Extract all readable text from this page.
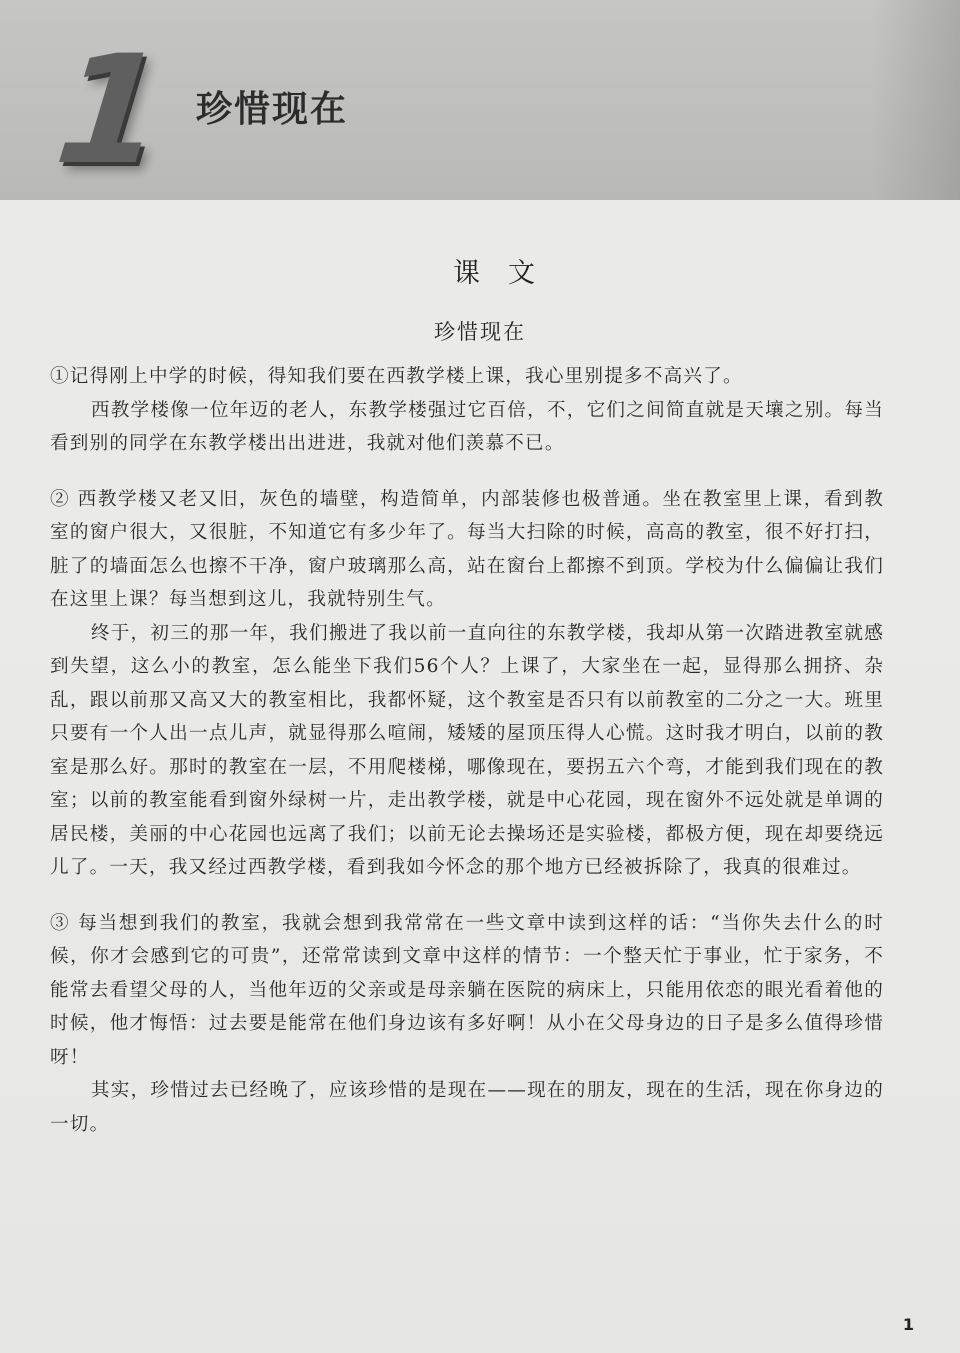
1 珍惜现在
课文
珍惜现在

①记得刚上中学的时候，得知我们要在西教学楼上课，我心里别提多不高兴了。

西教学楼像一位年迈的老人，东教学楼强过它百倍，不，它们之间简直就是天壤之别。每当看到别的同学在东教学楼出出进进，我就对他们羡慕不已。

② 西教学楼又老又旧，灰色的墙壁，构造简单，内部装修也极普通。坐在教室里上课，看到教室的窗户很大，又很脏，不知道它有多少年了。每当大扫除的时候，高高的教室，很不好打扫，脏了的墙面怎么也擦不干净，窗户玻璃那么高，站在窗台上都擦不到顶。学校为什么偏偏让我们在这里上课？每当想到这儿，我就特别生气。

终于，初三的那一年，我们搬进了我以前一直向往的东教学楼，我却从第一次踏进教室就感到失望，这么小的教室，怎么能坐下我们56个人？上课了，大家坐在一起，显得那么拥挤、杂乱，跟以前那又高又大的教室相比，我都怀疑，这个教室是否只有以前教室的二分之一大。班里只要有一个人出一点儿声，就显得那么喧闹，矮矮的屋顶压得人心慌。这时我才明白，以前的教室是那么好。那时的教室在一层，不用爬楼梯，哪像现在，要拐五六个弯，才能到我们现在的教室；以前的教室能看到窗外绿树一片，走出教学楼，就是中心花园，现在窗外不远处就是单调的居民楼，美丽的中心花园也远离了我们；以前无论去操场还是实验楼，都极方便，现在却要绕远儿了。一天，我又经过西教学楼，看到我如今怀念的那个地方已经被拆除了，我真的很难过。

③ 每当想到我们的教室，我就会想到我常常在一些文章中读到这样的话：“当你失去什么的时候，你才会感到它的可贵”，还常常读到文章中这样的情节：一个整天忙于事业，忙于家务，不能常去看望父母的人，当他年迈的父亲或是母亲躺在医院的病床上，只能用依恋的眼光看着他的时候，他才悔悟：过去要是能常在他们身边该有多好啊！从小在父母身边的日子是多么值得珍惜呀！

其实，珍惜过去已经晚了，应该珍惜的是现在——现在的朋友，现在的生活，现在你身边的一切。

1
